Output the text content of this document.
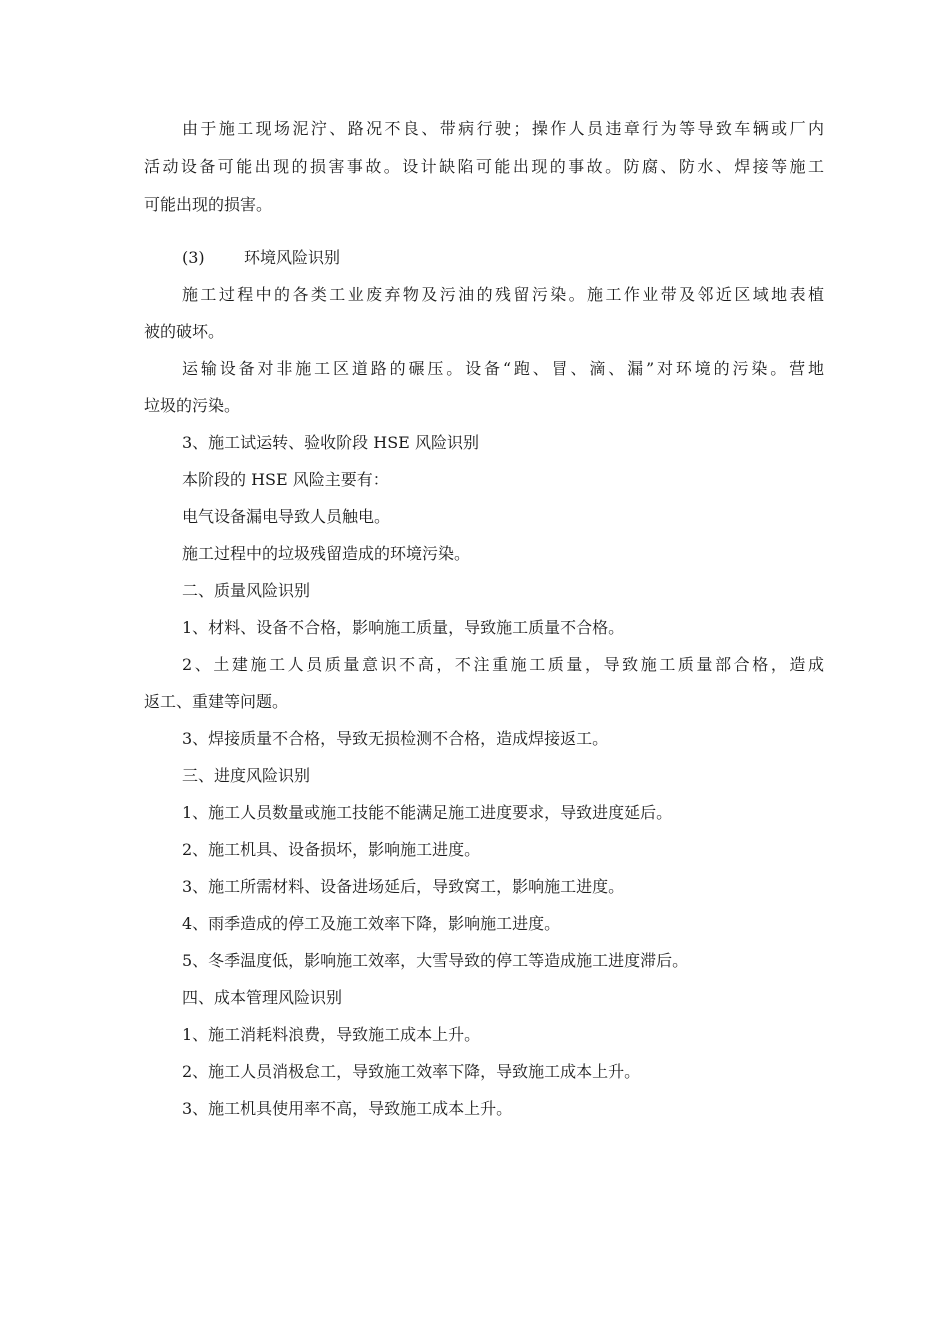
由于施工现场泥泞、路况不良、带病行驶；操作人员违章行为等导致车辆或厂内
活动设备可能出现的损害事故。设计缺陷可能出现的事故。防腐、防水、焊接等施工
可能出现的损害。
(3) 环境风险识别
施工过程中的各类工业废弃物及污油的残留污染。施工作业带及邻近区域地表植
被的破坏。
运输设备对非施工区道路的碾压。设备“跑、冒、滴、漏”对环境的污染。营地
垃圾的污染。
3、施工试运转、验收阶段 HSE 风险识别
本阶段的 HSE 风险主要有：
电气设备漏电导致人员触电。
施工过程中的垃圾残留造成的环境污染。
二、质量风险识别
1、材料、设备不合格，影响施工质量，导致施工质量不合格。
2、土建施工人员质量意识不高，不注重施工质量，导致施工质量部合格，造成
返工、重建等问题。
3、焊接质量不合格，导致无损检测不合格，造成焊接返工。
三、进度风险识别
1、施工人员数量或施工技能不能满足施工进度要求，导致进度延后。
2、施工机具、设备损坏，影响施工进度。
3、施工所需材料、设备进场延后，导致窝工，影响施工进度。
4、雨季造成的停工及施工效率下降，影响施工进度。
5、冬季温度低，影响施工效率，大雪导致的停工等造成施工进度滞后。
四、成本管理风险识别
1、施工消耗料浪费，导致施工成本上升。
2、施工人员消极怠工，导致施工效率下降，导致施工成本上升。
3、施工机具使用率不高，导致施工成本上升。
